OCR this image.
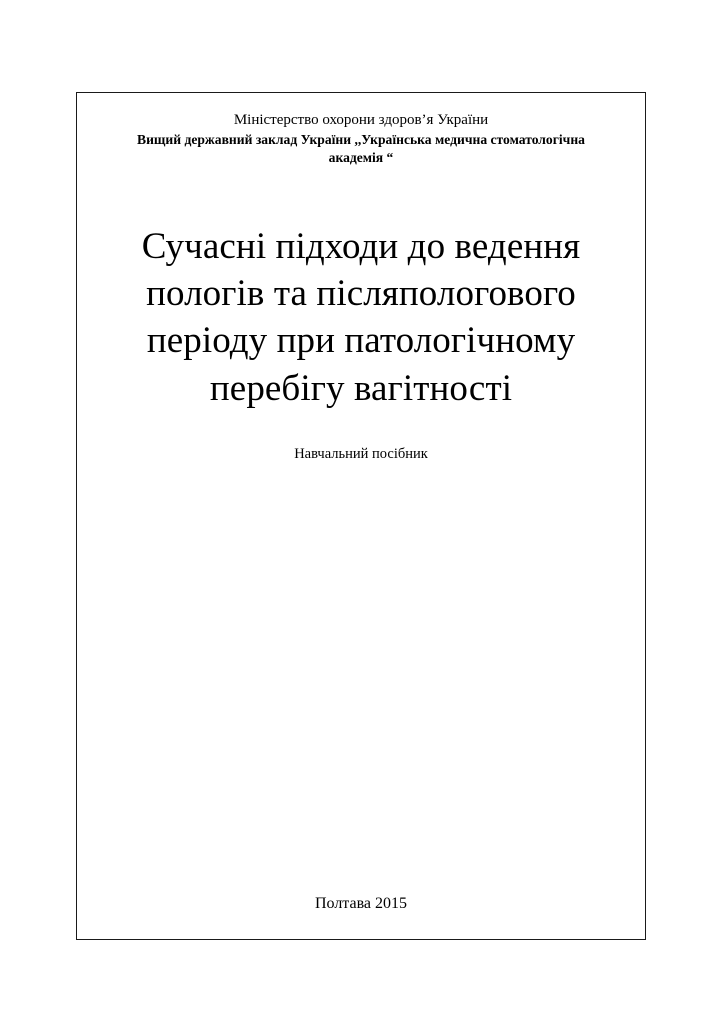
Міністерство охорони здоров’я України
Вищий державний заклад України ,,Українська медична стоматологічна академія “
Сучасні підходи до ведення пологів та післяпологового періоду при патологічному перебігу вагітності
Навчальний посібник
Полтава 2015
